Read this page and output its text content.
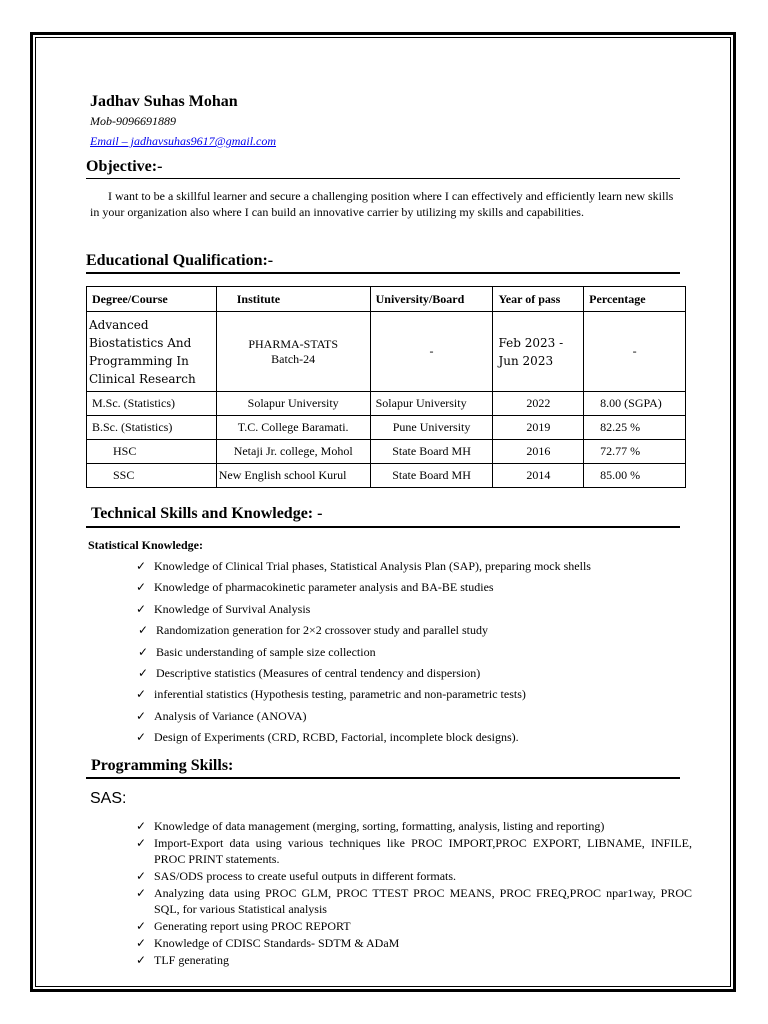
Jadhav Suhas Mohan
Mob-9096691889
Email – jadhavsuhas9617@gmail.com
Objective:-
I want to be a skillful learner and secure a challenging position where I can effectively and efficiently learn new skills in your organization also where I can build an innovative carrier by utilizing my skills and capabilities.
Educational Qualification:-
Degree/Course	Institute	University/Board	Year of pass	Percentage
Advanced Biostatistics And Programming In Clinical Research	PHARMA-STATS Batch-24	-	Feb 2023 - Jun 2023	-
M.Sc. (Statistics)	Solapur University	Solapur University	2022	8.00 (SGPA)
B.Sc. (Statistics)	T.C. College Baramati.	Pune University	2019	82.25 %
HSC	Netaji Jr. college, Mohol	State Board MH	2016	72.77 %
SSC	New English school Kurul	State Board MH	2014	85.00 %
Technical Skills and Knowledge: -
Statistical Knowledge:
✓ Knowledge of Clinical Trial phases, Statistical Analysis Plan (SAP), preparing mock shells
✓ Knowledge of pharmacokinetic parameter analysis and BA-BE studies
✓ Knowledge of Survival Analysis
✓ Randomization generation for 2×2 crossover study and parallel study
✓ Basic understanding of sample size collection
✓ Descriptive statistics (Measures of central tendency and dispersion)
✓ inferential statistics (Hypothesis testing, parametric and non-parametric tests)
✓ Analysis of Variance (ANOVA)
✓ Design of Experiments (CRD, RCBD, Factorial, incomplete block designs).
Programming Skills:
SAS:
✓ Knowledge of data management (merging, sorting, formatting, analysis, listing and reporting)
✓ Import-Export data using various techniques like PROC IMPORT,PROC EXPORT, LIBNAME, INFILE, PROC PRINT statements.
✓ SAS/ODS process to create useful outputs in different formats.
✓ Analyzing data using PROC GLM, PROC TTEST PROC MEANS, PROC FREQ,PROC npar1way, PROC SQL, for various Statistical analysis
✓ Generating report using PROC REPORT
✓ Knowledge of CDISC Standards- SDTM & ADaM
✓ TLF generating
